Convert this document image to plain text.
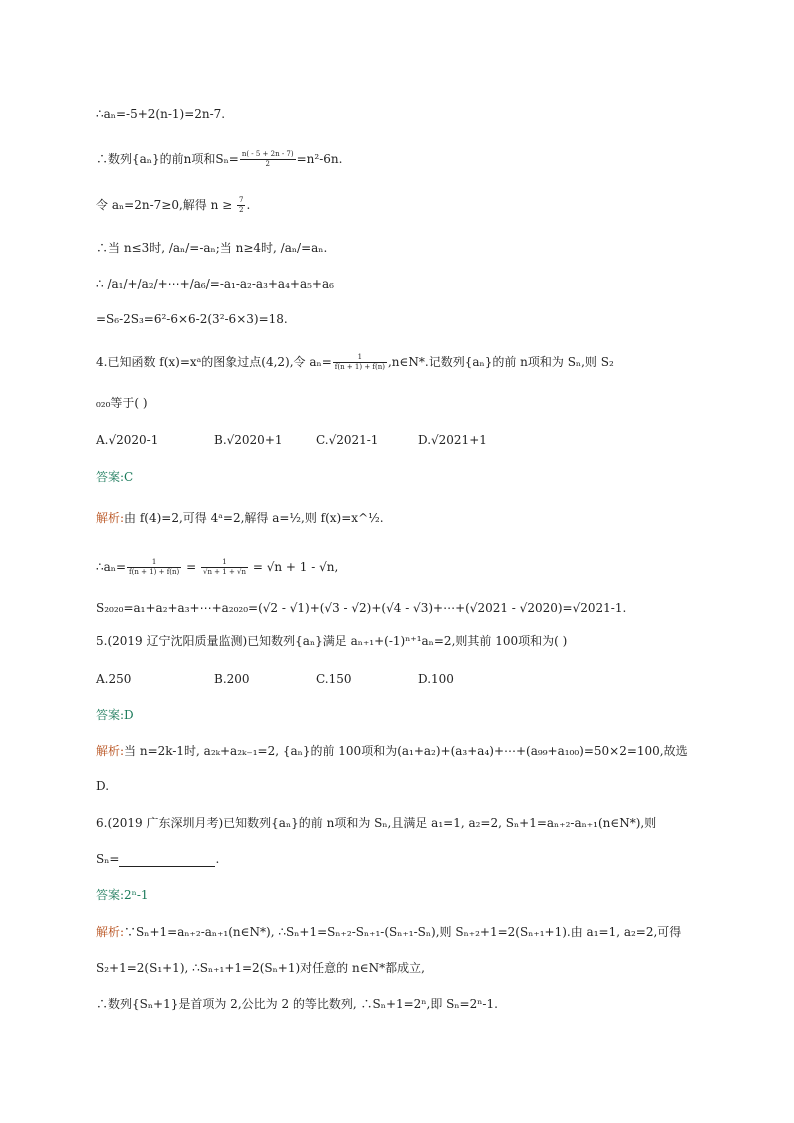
∴aₙ=-5+2(n-1)=2n-7.
∴数列{aₙ}的前n项和$S_n= \frac{n( - 5 + 2n - 7)}{2} =n^2-6n$.
令 aₙ=2n-7≥0,解得 $n \ge \frac{7}{2}$ .
∴当 n≤3时, /aₙ/=-aₙ;当 n≥4时, /aₙ/=aₙ.
∴ /a₁/+/a₂/+⋯+/a₆/=-a₁-a₂-a₃+a₄+a₅+a₆
=S₆-2S₃=6²-6×6-2(3²-6×3)=18.
4.已知函数 f(x)=xᵃ的图象过点(4,2),令 $a_n= \frac{1}{f(n + 1) + f(n)}$ ,n∈N*.记数列{aₙ}的前 n项和为 Sₙ,则 S₂
₀₂₀等于( )
A.√2020-1	B.√2020+1	C.√2021-1	D.√2021+1
答案:C
解析:由 f(4)=2,可得 4ᵃ=2,解得 a=½,则 f(x)=x^½.
∴aₙ= $\frac{1}{f(n + 1) + f(n)} = \frac{1}{√n + 1 + √n} = √n + 1 - √n$,
S₂₀₂₀=a₁+a₂+a₃+⋯+a₂₀₂₀=(√2 - √1)+(√3 - √2)+(√4 - √3)+⋯+(√2021 - √2020)=√2021-1.
5.(2019 辽宁沈阳质量监测)已知数列{aₙ}满足 aₙ₊₁+(-1)ⁿ⁺¹aₙ=2,则其前 100项和为( )
A.250	B.200	C.150	D.100
答案:D
解析:当 n=2k-1时, a₂ₖ+a₂ₖ₋₁=2, {aₙ}的前 100项和为(a₁+a₂)+(a₃+a₄)+⋯+(a₉₉+a₁₀₀)=50×2=100,故选
D.
6.(2019 广东深圳月考)已知数列{aₙ}的前 n项和为 Sₙ,且满足 a₁=1, a₂=2, Sₙ+1=aₙ₊₂-aₙ₊₁(n∈N*),则
Sₙ=	.
答案:2ⁿ-1
解析:∵Sₙ+1=aₙ₊₂-aₙ₊₁(n∈N*), ∴Sₙ+1=Sₙ₊₂-Sₙ₊₁-(Sₙ₊₁-Sₙ),则 Sₙ₊₂+1=2(Sₙ₊₁+1).由 a₁=1, a₂=2,可得
S₂+1=2(S₁+1), ∴Sₙ₊₁+1=2(Sₙ+1)对任意的 n∈N*都成立,
∴数列{Sₙ+1}是首项为 2,公比为 2 的等比数列, ∴Sₙ+1=2ⁿ,即 Sₙ=2ⁿ-1.
